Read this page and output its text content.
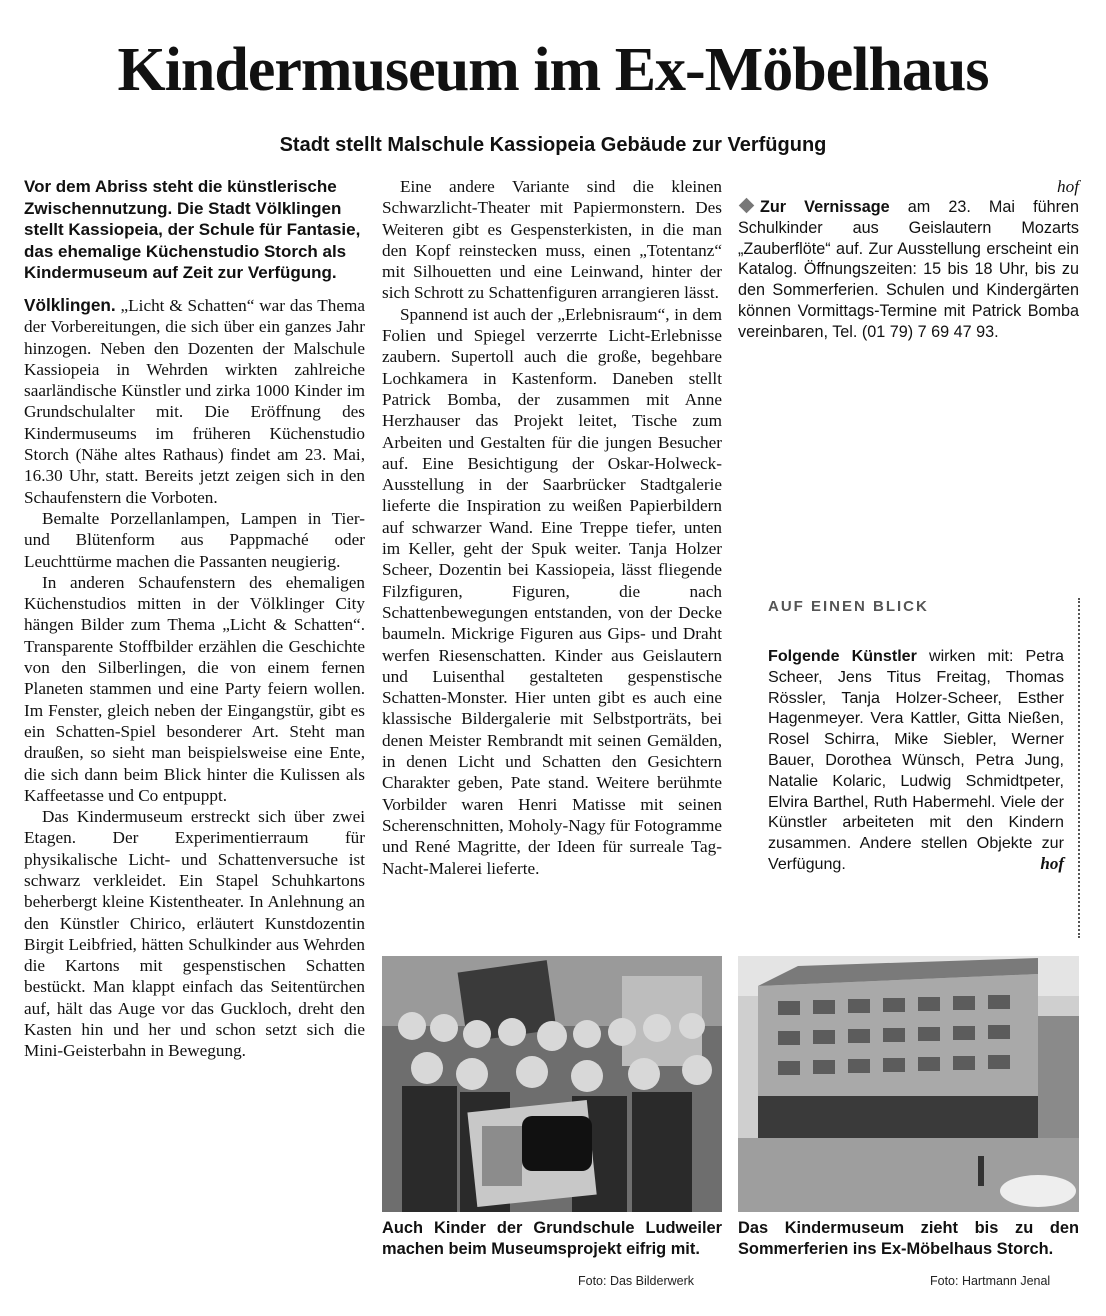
Kindermuseum im Ex-Möbelhaus
Stadt stellt Malschule Kassiopeia Gebäude zur Verfügung

Vor dem Abriss steht die künstlerische Zwischennutzung. Die Stadt Völklingen stellt Kassiopeia, der Schule für Fantasie, das ehemalige Küchenstudio Storch als Kindermuseum auf Zeit zur Verfügung.

Völklingen. „Licht & Schatten“ war das Thema der Vorbereitungen, die sich über ein ganzes Jahr hinzogen. Neben den Dozenten der Malschule Kassiopeia in Wehrden wirkten zahlreiche saarländische Künstler und zirka 1000 Kinder im Grundschulalter mit. Die Eröffnung des Kindermuseums im früheren Küchenstudio Storch (Nähe altes Rathaus) findet am 23. Mai, 16.30 Uhr, statt. Bereits jetzt zeigen sich in den Schaufenstern die Vorboten.

Bemalte Porzellanlampen, Lampen in Tier- und Blütenform aus Pappmaché oder Leuchttürme machen die Passanten neugierig.

In anderen Schaufenstern des ehemaligen Küchenstudios mitten in der Völklinger City hängen Bilder zum Thema „Licht & Schatten“. Transparente Stoffbilder erzählen die Geschichte von den Silberlingen, die von einem fernen Planeten stammen und eine Party feiern wollen. Im Fenster, gleich neben der Eingangstür, gibt es ein Schatten-Spiel besonderer Art. Steht man draußen, so sieht man beispielsweise eine Ente, die sich dann beim Blick hinter die Kulissen als Kaffeetasse und Co entpuppt.

Das Kindermuseum erstreckt sich über zwei Etagen. Der Experimentierraum für physikalische Licht- und Schattenversuche ist schwarz verkleidet. Ein Stapel Schuhkartons beherbergt kleine Kistentheater. In Anlehnung an den Künstler Chirico, erläutert Kunstdozentin Birgit Leibfried, hätten Schulkinder aus Wehrden die Kartons mit gespenstischen Schatten bestückt. Man klappt einfach das Seitentürchen auf, hält das Auge vor das Guckloch, dreht den Kasten hin und her und schon setzt sich die Mini-Geisterbahn in Bewegung.

Eine andere Variante sind die kleinen Schwarzlicht-Theater mit Papiermonstern. Des Weiteren gibt es Gespensterkisten, in die man den Kopf reinstecken muss, einen „Totentanz“ mit Silhouetten und eine Leinwand, hinter der sich Schrott zu Schattenfiguren arrangieren lässt.

Spannend ist auch der „Erlebnisraum“, in dem Folien und Spiegel verzerrte Licht-Erlebnisse zaubern. Supertoll auch die große, begehbare Lochkamera in Kastenform. Daneben stellt Patrick Bomba, der zusammen mit Anne Herzhauser das Projekt leitet, Tische zum Arbeiten und Gestalten für die jungen Besucher auf. Eine Besichtigung der Oskar-Holweck-Ausstellung in der Saarbrücker Stadtgalerie lieferte die Inspiration zu weißen Papierbildern auf schwarzer Wand. Eine Treppe tiefer, unten im Keller, geht der Spuk weiter. Tanja Holzer Scheer, Dozentin bei Kassiopeia, lässt fliegende Filzfiguren, Figuren, die nach Schattenbewegungen entstanden, von der Decke baumeln. Mickrige Figuren aus Gips- und Draht werfen Riesenschatten. Kinder aus Geislautern und Luisenthal gestalteten gespenstische Schatten-Monster. Hier unten gibt es auch eine klassische Bildergalerie mit Selbstporträts, bei denen Meister Rembrandt mit seinen Gemälden, in denen Licht und Schatten den Gesichtern Charakter geben, Pate stand. Weitere berühmte Vorbilder waren Henri Matisse mit seinen Scherenschnitten, Moholy-Nagy für Fotogramme und René Magritte, der Ideen für surreale Tag-Nacht-Malerei lieferte.

hof

Zur Vernissage am 23. Mai führen Schulkinder aus Geislautern Mozarts „Zauberflöte“ auf. Zur Ausstellung erscheint ein Katalog. Öffnungszeiten: 15 bis 18 Uhr, bis zu den Sommerferien. Schulen und Kindergärten können Vormittags-Termine mit Patrick Bomba vereinbaren, Tel. (01 79) 7 69 47 93.

AUF EINEN BLICK

Folgende Künstler wirken mit: Petra Scheer, Jens Titus Freitag, Thomas Rössler, Tanja Holzer-Scheer, Esther Hagenmeyer. Vera Kattler, Gitta Nießen, Rosel Schirra, Mike Siebler, Werner Bauer, Dorothea Wünsch, Petra Jung, Natalie Kolaric, Ludwig Schmidtpeter, Elvira Barthel, Ruth Habermehl. Viele der Künstler arbeiteten mit den Kindern zusammen. Andere stellen Objekte zur Verfügung.	hof

Auch Kinder der Grundschule Ludweiler machen beim Museumsprojekt eifrig mit.

Foto: Das Bilderwerk

Das Kindermuseum zieht bis zu den Sommerferien ins Ex-Möbelhaus Storch.

Foto: Hartmann Jenal
